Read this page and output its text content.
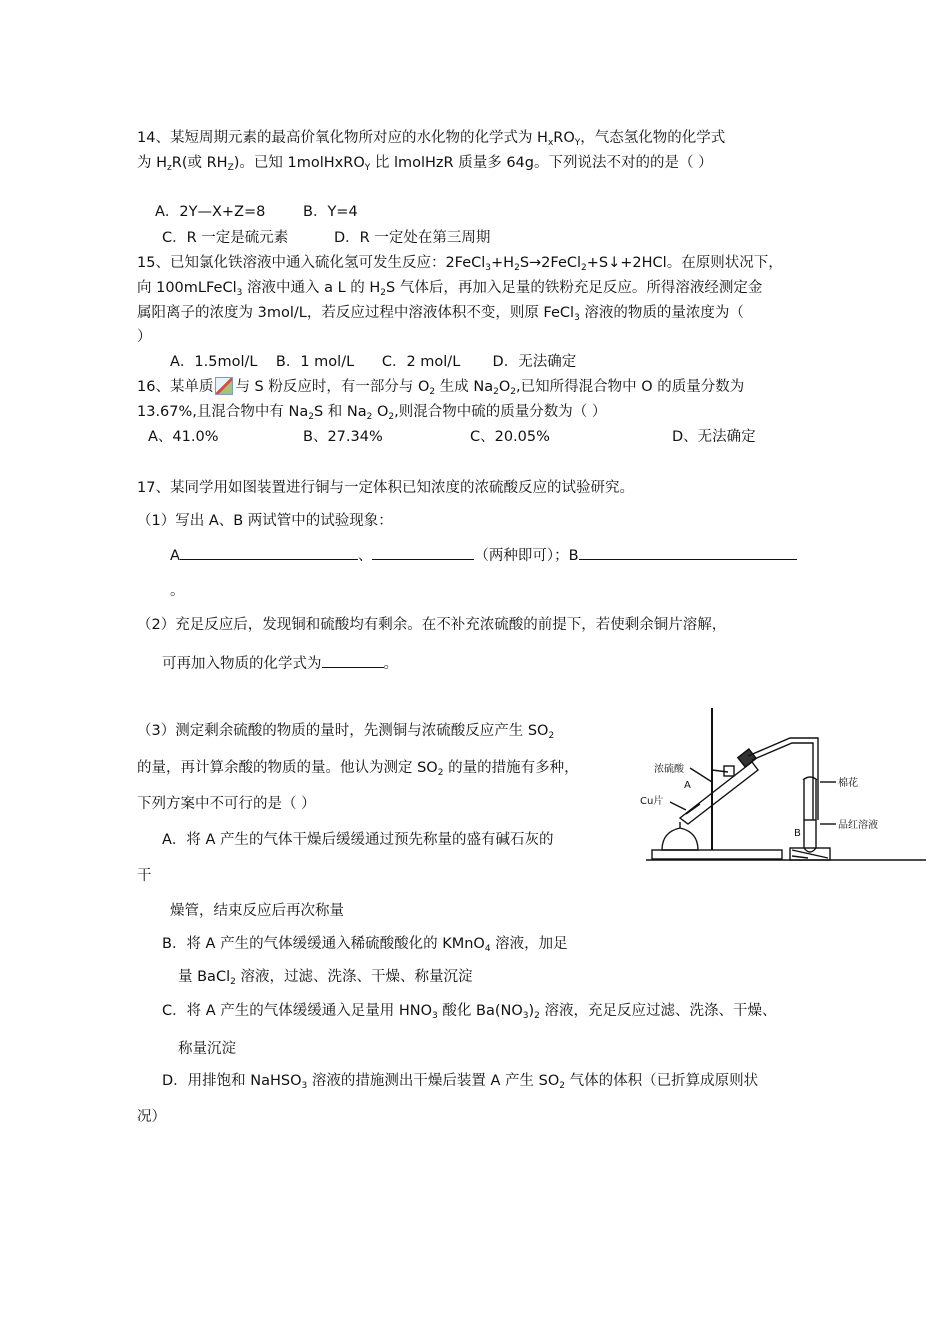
14、某短周期元素的最高价氧化物所对应的水化物的化学式为 $H_xRO_Y$，气态氢化物的化学式
为 $H_zR$(或 $RH_Z$)。已知 1molHxRO$_Y$ 比 lmolHzR 质量多 64g。下列说法不对的的是（ ）
A．2Y—X+Z=8	B．Y=4
C．R 一定是硫元素	D．R 一定处在第三周期
15、已知氯化铁溶液中通入硫化氢可发生反应：$2FeCl_3+H_2S\to 2FeCl_2+S↓+2HCl$。在原则状况下，
向 100mLFeCl$_3$ 溶液中通入 a L 的 $H_2S$ 气体后，再加入足量的铁粉充足反应。所得溶液经测定金
属阳离子的浓度为 3mol/L，若反应过程中溶液体积不变，则原 FeCl$_3$ 溶液的物质的量浓度为（
）
A．1.5mol/L    B．1 mol/L      C．2 mol/L       D．无法确定
16、某单质 与 S 粉反应时，有一部分与 $O_2$ 生成 $Na_2O_2$,已知所得混合物中 O 的质量分数为
13.67%,且混合物中有 $Na_2S$ 和 $Na_2$ $O_2$,则混合物中硫的质量分数为（ ）
A、41.0%	B、27.34%	C、20.05%	D、无法确定
17、某同学用如图装置进行铜与一定体积已知浓度的浓硫酸反应的试验研究。
（1）写出 A、B 两试管中的试验现象：
A	、	（两种即可）；B
。
（2）充足反应后，发现铜和硫酸均有剩余。在不补充浓硫酸的前提下，若使剩余铜片溶解，
可再加入物质的化学式为	。
（3）测定剩余硫酸的物质的量时，先测铜与浓硫酸反应产生 $SO_2$
的量，再计算余酸的物质的量。他认为测定 $SO_2$ 的量的措施有多种，
下列方案中不可行的是（ ）
A．将 A 产生的气体干燥后缓缓通过预先称量的盛有碱石灰的
干
燥管，结束反应后再次称量
B．将 A 产生的气体缓缓通入稀硫酸酸化的 KMnO$_4$ 溶液，加足
量 BaCl$_2$ 溶液，过滤、洗涤、干燥、称量沉淀
C．将 A 产生的气体缓缓通入足量用 $HNO_3$ 酸化 $Ba(NO_3)_2$ 溶液，充足反应过滤、洗涤、干燥、
称量沉淀
D．用排饱和 NaHSO$_3$ 溶液的措施测出干燥后装置 A 产生 $SO_2$ 气体的体积（已折算成原则状
况）
浓硫酸
A
Cu片
棉花
B
品红溶液
